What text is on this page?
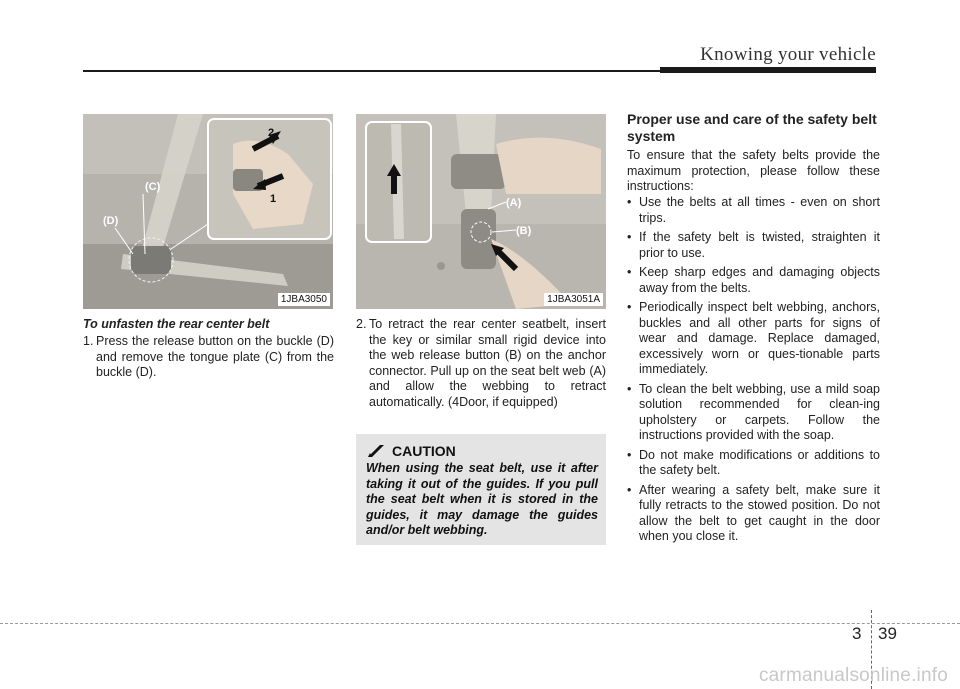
Knowing your vehicle
2
1
(C)
(D)
1JBA3050
(A)
(B)
1JBA3051A
To unfasten the rear center belt
1. Press the release button on the buckle (D) and remove the tongue plate (C) from the buckle (D).
2. To retract the rear center seatbelt, insert the key or similar small rigid device into the web release button (B) on the anchor connector. Pull up on the seat belt web (A) and allow the webbing to retract automatically. (4Door, if equipped)
CAUTION
When using the seat belt, use it after taking it out of the guides. If you pull the seat belt when it is stored in the guides, it may damage the guides and/or belt webbing.
Proper use and care of the safety belt system
To ensure that the safety belts provide the maximum protection, please follow these instructions:
• Use the belts at all times - even on short trips.
• If the safety belt is twisted, straighten it prior to use.
• Keep sharp edges and damaging objects away from the belts.
• Periodically inspect belt webbing, anchors, buckles and all other parts for signs of wear and damage. Replace damaged, excessively worn or ques-tionable parts immediately.
• To clean the belt webbing, use a mild soap solution recommended for clean-ing upholstery or carpets. Follow the instructions provided with the soap.
• Do not make modifications or additions to the safety belt.
• After wearing a safety belt, make sure it fully retracts to the stowed position. Do not allow the belt to get caught in the door when you close it.
3 39
carmanualsonline.info
